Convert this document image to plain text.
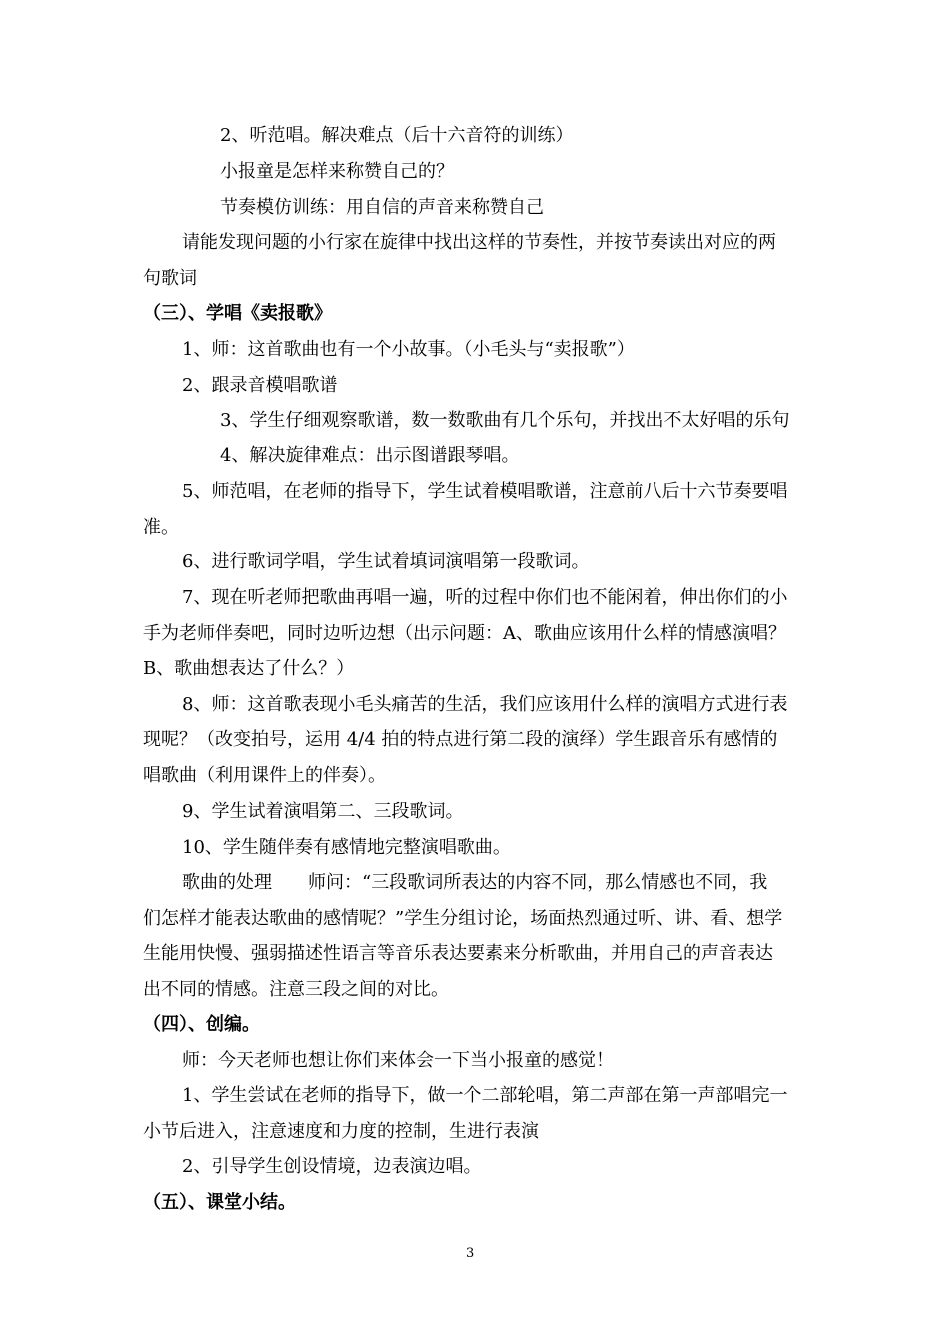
2、听范唱。解决难点（后十六音符的训练）
小报童是怎样来称赞自己的？
节奏模仿训练：用自信的声音来称赞自己
请能发现问题的小行家在旋律中找出这样的节奏性，并按节奏读出对应的两
句歌词
（三）、学唱《卖报歌》
1、师：这首歌曲也有一个小故事。（小毛头与“卖报歌”）
2、跟录音模唱歌谱
3、学生仔细观察歌谱，数一数歌曲有几个乐句，并找出不太好唱的乐句
4、解决旋律难点：出示图谱跟琴唱。
5、师范唱，在老师的指导下，学生试着模唱歌谱，注意前八后十六节奏要唱
准。
6、进行歌词学唱，学生试着填词演唱第一段歌词。
7、现在听老师把歌曲再唱一遍，听的过程中你们也不能闲着，伸出你们的小
手为老师伴奏吧，同时边听边想（出示问题：A、歌曲应该用什么样的情感演唱？
B、歌曲想表达了什么？）
8、师：这首歌表现小毛头痛苦的生活，我们应该用什么样的演唱方式进行表
现呢？（改变拍号，运用 4/4 拍的特点进行第二段的演绎）学生跟音乐有感情的
唱歌曲（利用课件上的伴奏）。
9、学生试着演唱第二、三段歌词。
10、学生随伴奏有感情地完整演唱歌曲。
歌曲的处理　　师问：“三段歌词所表达的内容不同，那么情感也不同，我
们怎样才能表达歌曲的感情呢？”学生分组讨论，场面热烈通过听、讲、看、想学
生能用快慢、强弱描述性语言等音乐表达要素来分析歌曲，并用自己的声音表达
出不同的情感。注意三段之间的对比。
（四）、创编。
师：今天老师也想让你们来体会一下当小报童的感觉！
1、学生尝试在老师的指导下，做一个二部轮唱，第二声部在第一声部唱完一
小节后进入，注意速度和力度的控制，生进行表演
2、引导学生创设情境，边表演边唱。
（五）、课堂小结。
3
